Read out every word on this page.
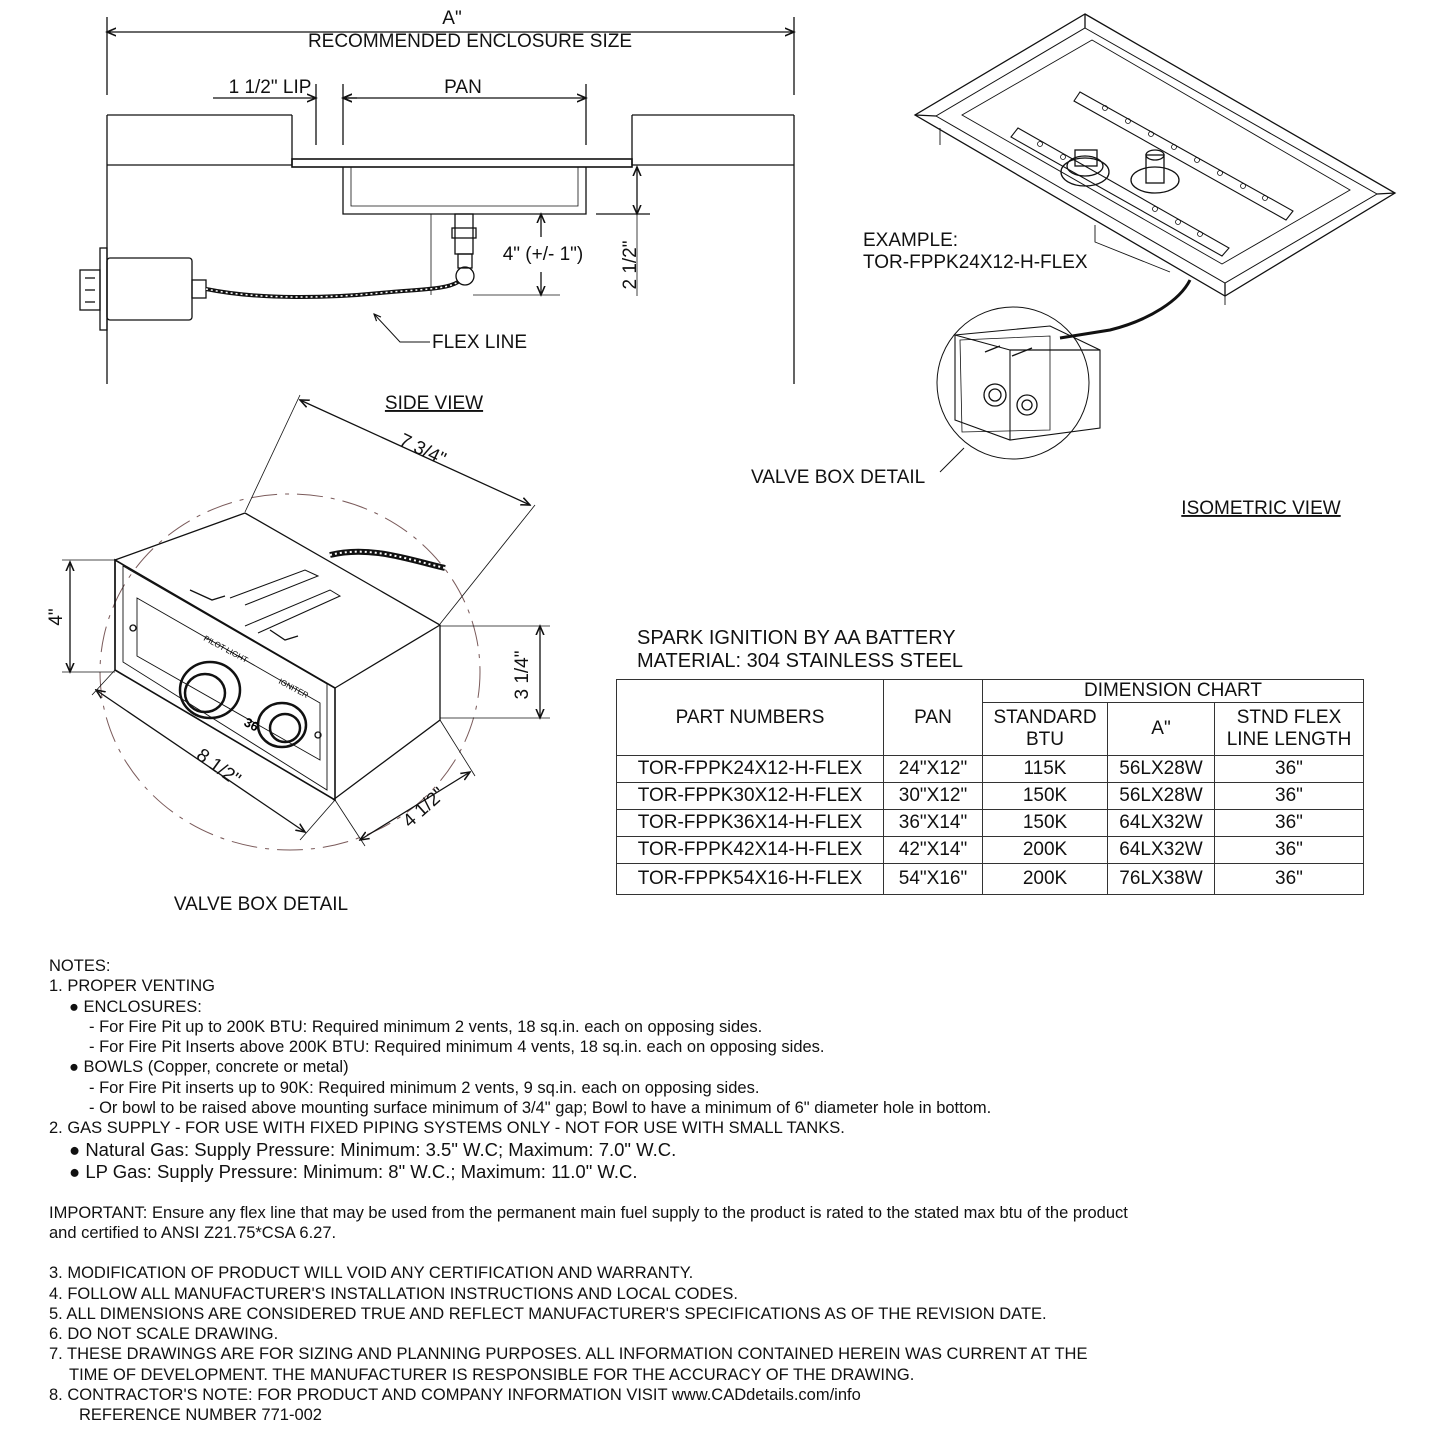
A"
RECOMMENDED ENCLOSURE SIZE
1 1/2" LIP	PAN
4" (+/- 1") 2 1/2"
FLEX LINE
SIDE VIEW
EXAMPLE:
TOR-FPPK24X12-H-FLEX
VALVE BOX DETAIL
ISOMETRIC VIEW
7 3/4"
4"
3 1/4"
8 1/2"
4 1/2"
PILOT LIGHT
IGNITER
36
VALVE BOX DETAIL
SPARK IGNITION BY AA BATTERY
MATERIAL: 304 STAINLESS STEEL
PART NUMBERS	PAN	DIMENSION CHART		
		STANDARD BTU	A"	STND FLEX LINE LENGTH
TOR-FPPK24X12-H-FLEX	24"X12"	115K	56LX28W	36"
TOR-FPPK30X12-H-FLEX	30"X12"	150K	56LX28W	36"
TOR-FPPK36X14-H-FLEX	36"X14"	150K	64LX32W	36"
TOR-FPPK42X14-H-FLEX	42"X14"	200K	64LX32W	36"
TOR-FPPK54X16-H-FLEX	54"X16"	200K	76LX38W	36"
NOTES:
1. PROPER VENTING
● ENCLOSURES:
- For Fire Pit up to 200K BTU: Required minimum 2 vents, 18 sq.in. each on opposing sides.
- For Fire Pit Inserts above 200K BTU: Required minimum 4 vents, 18 sq.in. each on opposing sides.
● BOWLS (Copper, concrete or metal)
- For Fire Pit inserts up to 90K: Required minimum 2 vents, 9 sq.in. each on opposing sides.
- Or bowl to be raised above mounting surface minimum of 3/4" gap; Bowl to have a minimum of 6" diameter hole in bottom.
2. GAS SUPPLY - FOR USE WITH FIXED PIPING SYSTEMS ONLY - NOT FOR USE WITH SMALL TANKS.
● Natural Gas: Supply Pressure: Minimum: 3.5" W.C; Maximum: 7.0" W.C.
● LP Gas: Supply Pressure: Minimum: 8" W.C.; Maximum: 11.0" W.C.
IMPORTANT: Ensure any flex line that may be used from the permanent main fuel supply to the product is rated to the stated max btu of the product
and certified to ANSI Z21.75*CSA 6.27.
3. MODIFICATION OF PRODUCT WILL VOID ANY CERTIFICATION AND WARRANTY.
4. FOLLOW ALL MANUFACTURER'S INSTALLATION INSTRUCTIONS AND LOCAL CODES.
5. ALL DIMENSIONS ARE CONSIDERED TRUE AND REFLECT MANUFACTURER'S SPECIFICATIONS AS OF THE REVISION DATE.
6. DO NOT SCALE DRAWING.
7. THESE DRAWINGS ARE FOR SIZING AND PLANNING PURPOSES. ALL INFORMATION CONTAINED HEREIN WAS CURRENT AT THE
TIME OF DEVELOPMENT. THE MANUFACTURER IS RESPONSIBLE FOR THE ACCURACY OF THE DRAWING.
8. CONTRACTOR'S NOTE: FOR PRODUCT AND COMPANY INFORMATION VISIT www.CADdetails.com/info
REFERENCE NUMBER 771-002
